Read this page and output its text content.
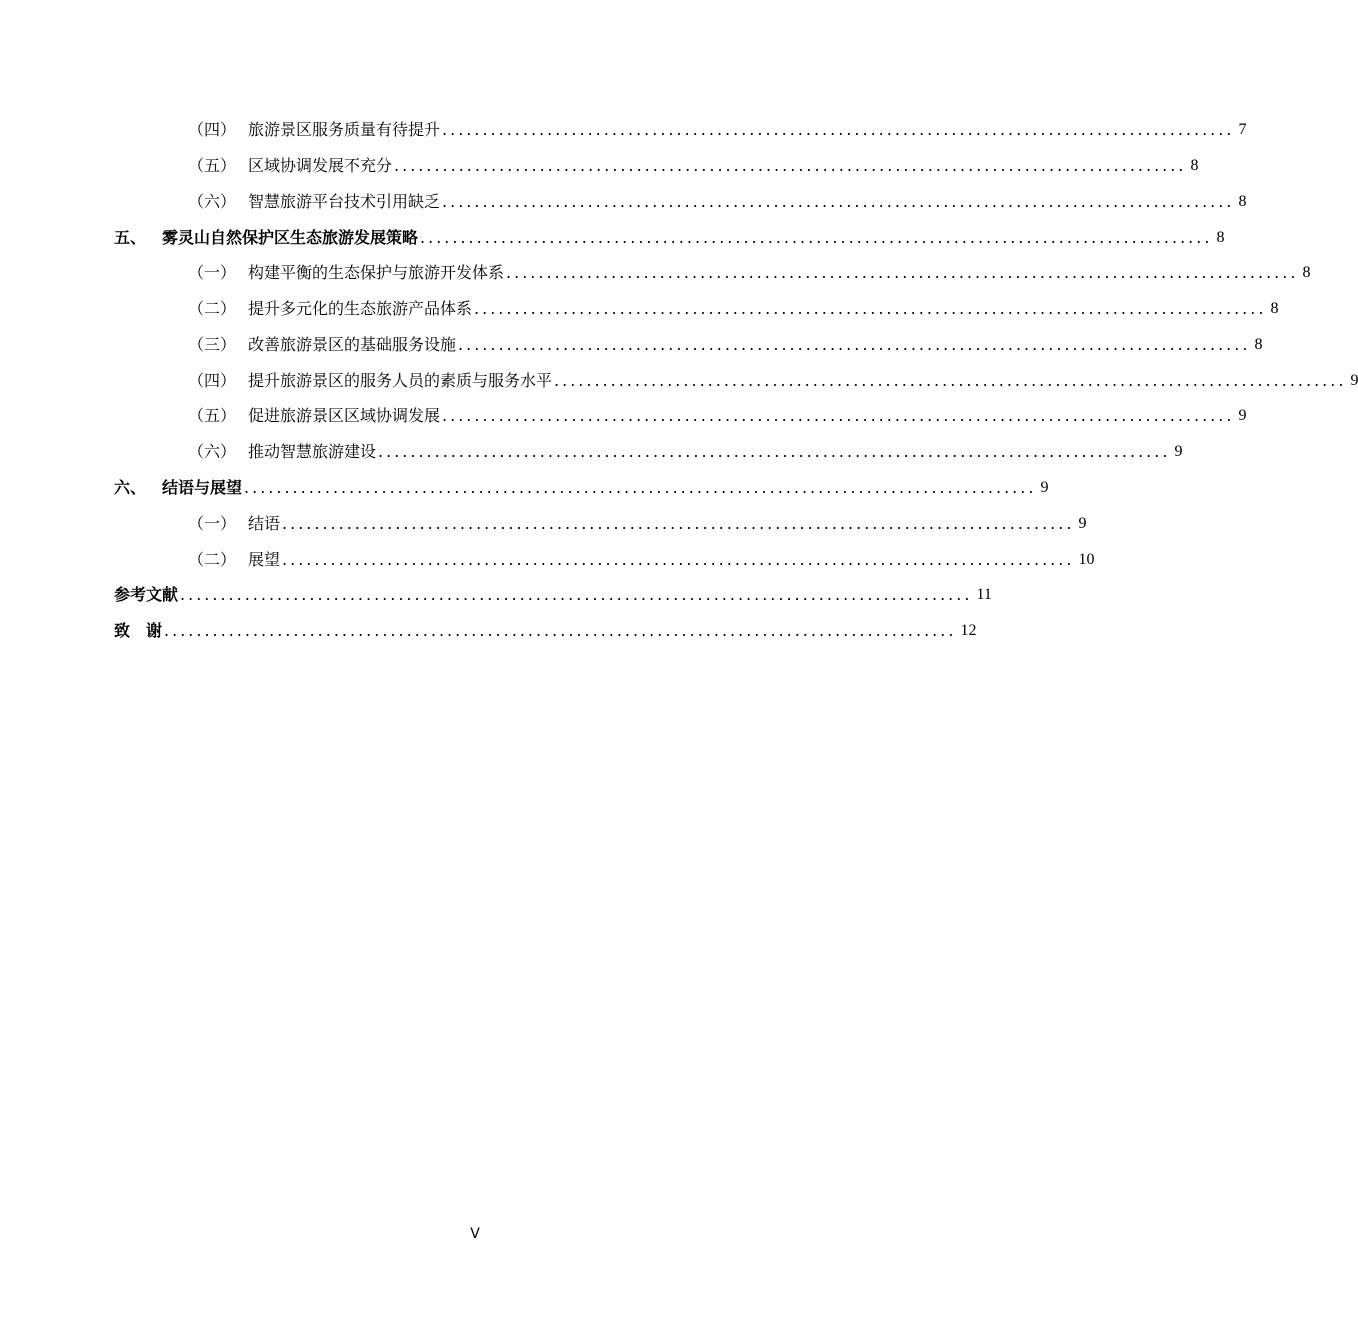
（四） 旅游景区服务质量有待提升 .................................................................................................. 7
（五） 区域协调发展不充分 .................................................................................................. 8
（六） 智慧旅游平台技术引用缺乏 .................................................................................................. 8
五、 雾灵山自然保护区生态旅游发展策略 .................................................................................................. 8
（一） 构建平衡的生态保护与旅游开发体系 .................................................................................................. 8
（二） 提升多元化的生态旅游产品体系 .................................................................................................. 8
（三） 改善旅游景区的基础服务设施 .................................................................................................. 8
（四） 提升旅游景区的服务人员的素质与服务水平 .................................................................................................. 9
（五） 促进旅游景区区域协调发展 .................................................................................................. 9
（六） 推动智慧旅游建设 .................................................................................................. 9
六、 结语与展望 .................................................................................................. 9
（一） 结语 .................................................................................................. 9
（二） 展望 .................................................................................................. 10
参考文献 .................................................................................................. 11
致　谢 .................................................................................................. 12
V
